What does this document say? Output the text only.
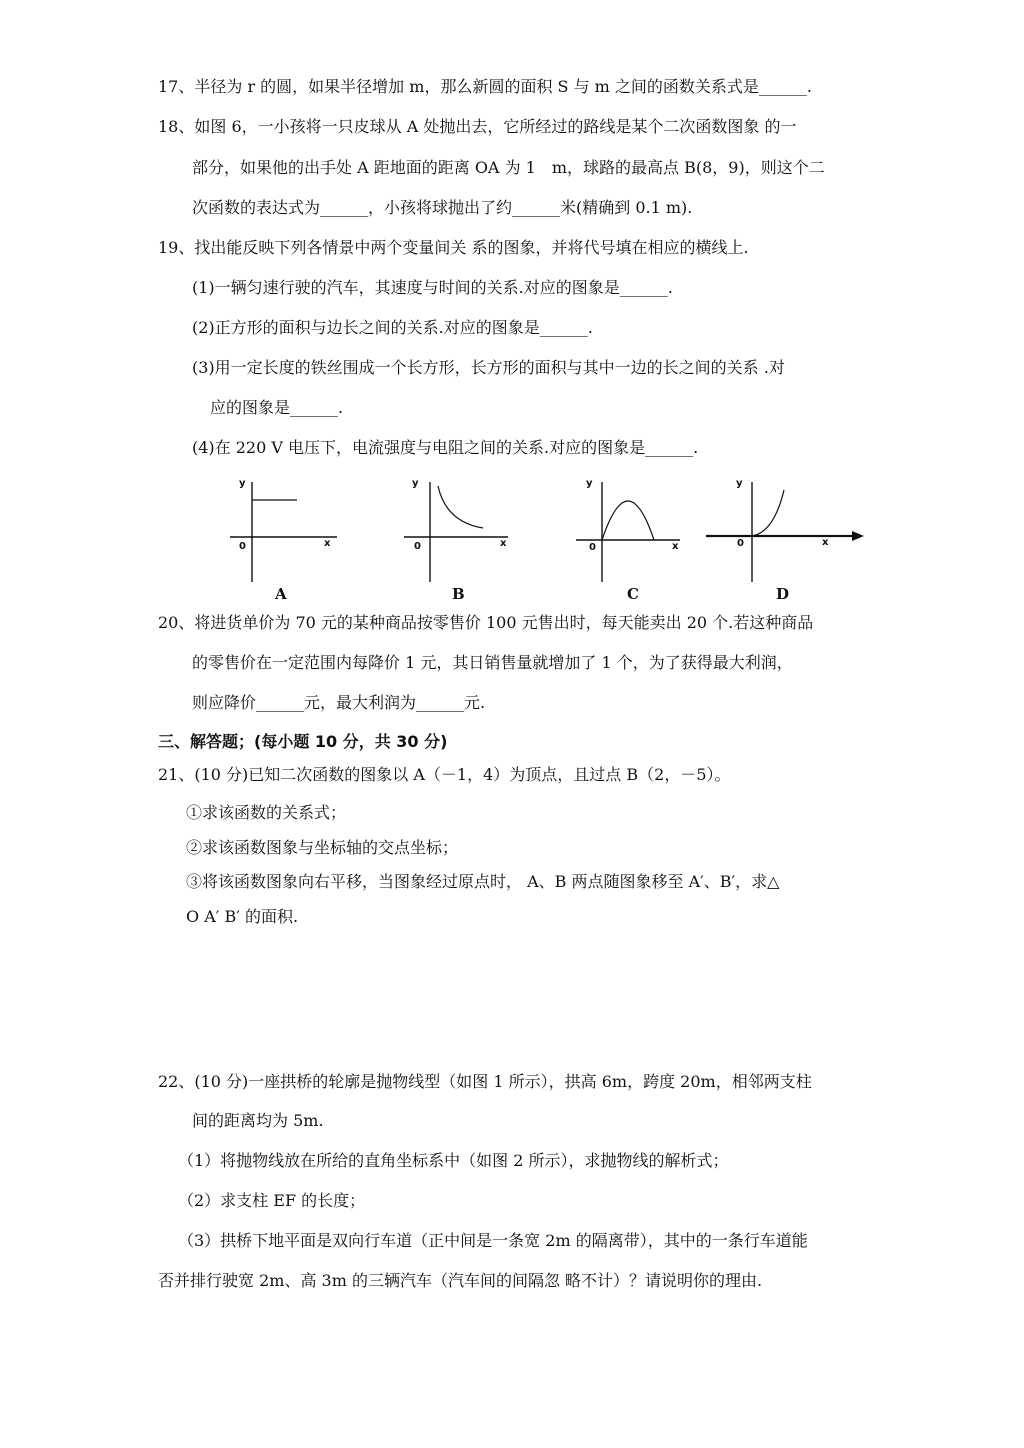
17、半径为 r 的圆，如果半径增加 m，那么新圆的面积 S 与 m 之间的函数关系式是______.
18、如图 6，一小孩将一只皮球从 A 处抛出去，它所经过的路线是某个二次函数图象 的一
部分，如果他的出手处 A 距地面的距离 OA 为 1　m，球路的最高点 B(8，9)，则这个二
次函数的表达式为______，小孩将球抛出了约______米(精确到 0.1 m).
19、找出能反映下列各情景中两个变量间关 系的图象，并将代号填在相应的横线上.
(1)一辆匀速行驶的汽车，其速度与时间的关系.对应的图象是______.
(2)正方形的面积与边长之间的关系.对应的图象是______.
(3)用一定长度的铁丝围成一个长方形，长方形的面积与其中一边的长之间的关系 .对
应的图象是______.
(4)在 220 V 电压下，电流强度与电阻之间的关系.对应的图象是______.
y
x
0
A
y
x
0
B
y
x
0
C
y
x
0
D
20、将进货单价为 70 元的某种商品按零售价 100 元售出时，每天能卖出 20 个.若这种商品
的零售价在一定范围内每降价 1 元，其日销售量就增加了 1 个，为了获得最大利润，
则应降价______元，最大利润为______元.
三、解答题；(每小题 10 分，共 30 分)
21、(10 分)已知二次函数的图象以 A（－1，4）为顶点，且过点 B（2，－5）。
①求该函数的关系式；
②求该函数图象与坐标轴的交点坐标；
③将该函数图象向右平移，当图象经过原点时， A、B 两点随图象移至 A′、B′，求△
O A′ B′ 的面积.
22、(10 分)一座拱桥的轮廓是抛物线型（如图 1 所示），拱高 6m，跨度 20m，相邻两支柱
间的距离均为 5m.
（1）将抛物线放在所给的直角坐标系中（如图 2 所示），求抛物线的解析式；
（2）求支柱 EF 的长度；
（3）拱桥下地平面是双向行车道（正中间是一条宽 2m 的隔离带），其中的一条行车道能
否并排行驶宽 2m、高 3m 的三辆汽车（汽车间的间隔忽 略不计）？请说明你的理由.
